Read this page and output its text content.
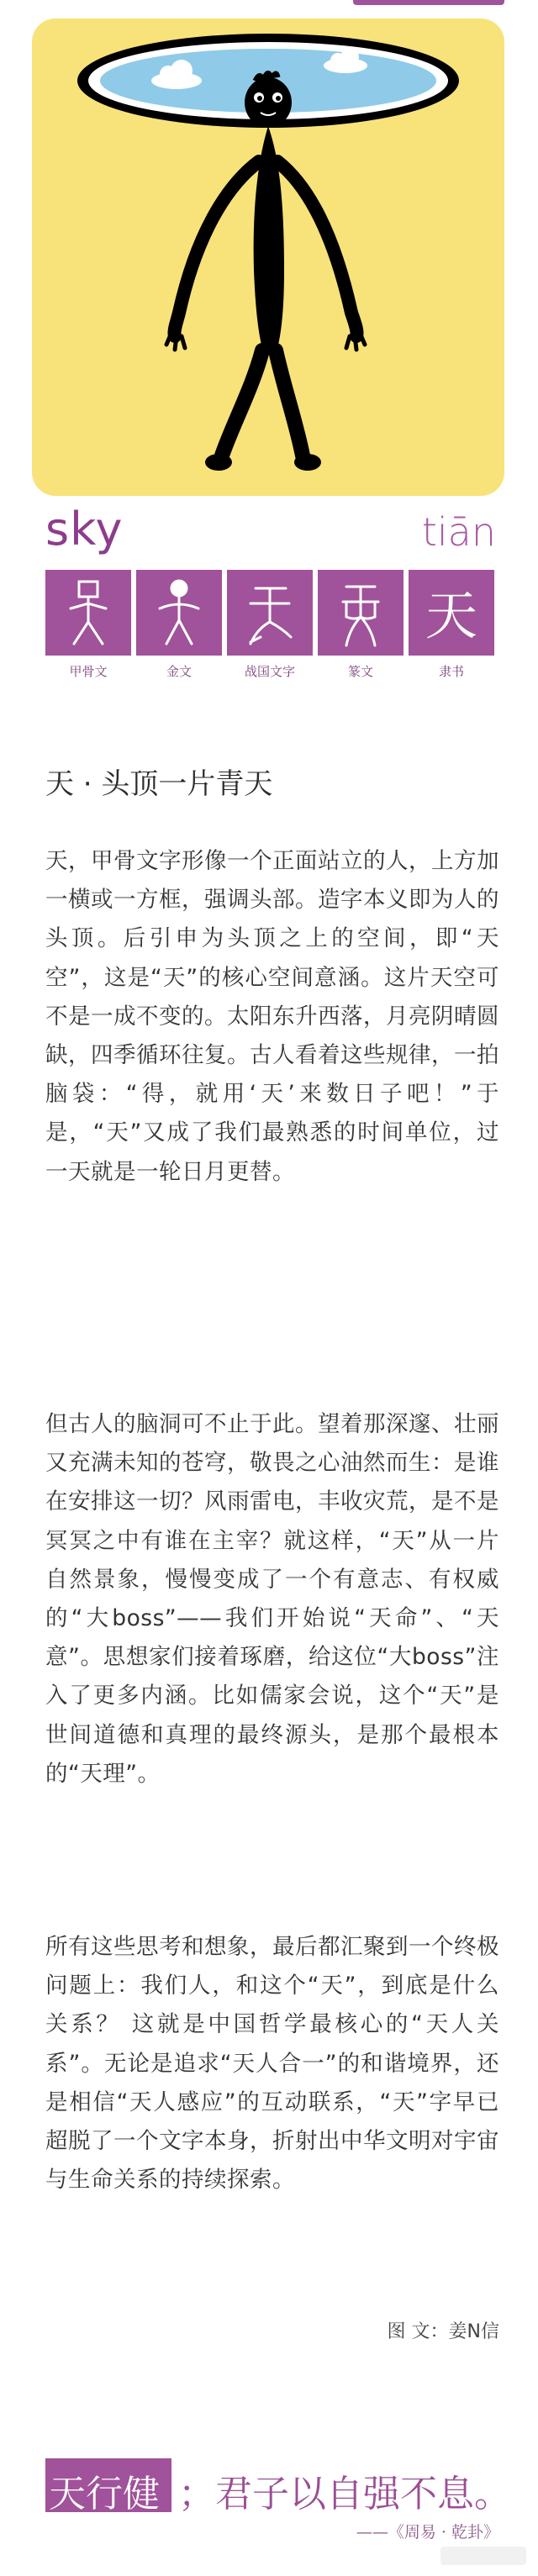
sky	tiān
天
甲骨文	金文	战国文字	篆文	隶书
天 · 头顶一片青天

天，甲骨文字形像一个正面站立的人，上方加一横或一方框，强调头部。造字本义即为人的头顶。后引申为头顶之上的空间，即“天空”，这是“天”的核心空间意涵。这片天空可不是一成不变的。太阳东升西落，月亮阴晴圆缺，四季循环往复。古人看着这些规律，一拍脑袋：“得，就用‘天’来数日子吧！”于是，“天”又成了我们最熟悉的时间单位，过一天就是一轮日月更替。

但古人的脑洞可不止于此。望着那深邃、壮丽又充满未知的苍穹，敬畏之心油然而生：是谁在安排这一切？风雨雷电，丰收灾荒，是不是冥冥之中有谁在主宰？就这样，“天”从一片自然景象，慢慢变成了一个有意志、有权威的“大boss”——我们开始说“天命”、“天意”。思想家们接着琢磨，给这位“大boss”注入了更多内涵。比如儒家会说，这个“天”是世间道德和真理的最终源头，是那个最根本的“天理”。

所有这些思考和想象，最后都汇聚到一个终极问题上：我们人，和这个“天”，到底是什么关系？ 这就是中国哲学最核心的“天人关系”。无论是追求“天人合一”的和谐境界，还是相信“天人感应”的互动联系，“天”字早已超脱了一个文字本身，折射出中华文明对宇宙与生命关系的持续探索。

图 文：姜N信
天行健 ；君子以自强不息。
——《周易 · 乾卦》
